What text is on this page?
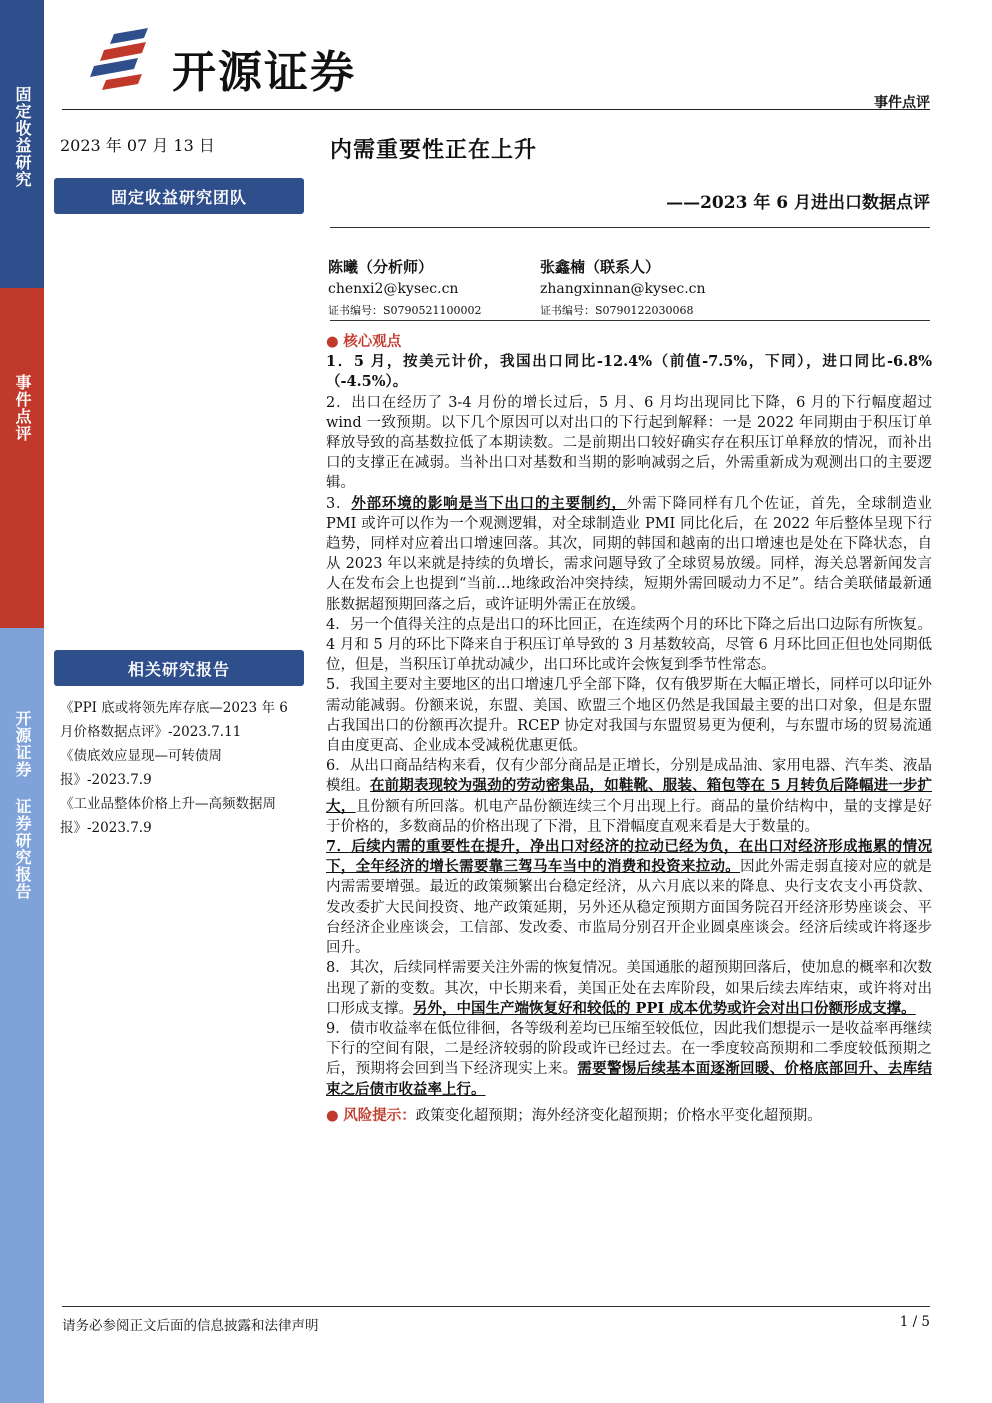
固定收益研究
事件点评
开源证券 证券研究报告
开源证券
事件点评
2023 年 07 月 13 日
固定收益研究团队
相关研究报告

《PPI 底或将领先库存底—2023 年 6 月价格数据点评》-2023.7.11

《债底效应显现—可转债周报》-2023.7.9

《工业品整体价格上升—高频数据周报》-2023.7.9

内需重要性正在上升
——2023 年 6 月进出口数据点评
陈曦（分析师）
chenxi2@kysec.cn
证书编号：S0790521100002
张鑫楠（联系人）
zhangxinnan@kysec.cn
证书编号：S0790122030068

● 核心观点

1．5 月，按美元计价，我国出口同比-12.4%（前值-7.5%，下同），进口同比-6.8%（-4.5%）。

2．出口在经历了 3-4 月份的增长过后，5 月、6 月均出现同比下降，6 月的下行幅度超过 wind 一致预期。以下几个原因可以对出口的下行起到解释：一是 2022 年同期由于积压订单释放导致的高基数拉低了本期读数。二是前期出口较好确实存在积压订单释放的情况，而补出口的支撑正在减弱。当补出口对基数和当期的影响减弱之后，外需重新成为观测出口的主要逻辑。

3．外部环境的影响是当下出口的主要制约，外需下降同样有几个佐证，首先，全球制造业 PMI 或许可以作为一个观测逻辑，对全球制造业 PMI 同比化后，在 2022 年后整体呈现下行趋势，同样对应着出口增速回落。其次，同期的韩国和越南的出口增速也是处在下降状态，自从 2023 年以来就是持续的负增长，需求问题导致了全球贸易放缓。同样，海关总署新闻发言人在发布会上也提到“当前…地缘政治冲突持续，短期外需回暖动力不足”。结合美联储最新通胀数据超预期回落之后，或许证明外需正在放缓。

4．另一个值得关注的点是出口的环比回正，在连续两个月的环比下降之后出口边际有所恢复。4 月和 5 月的环比下降来自于积压订单导致的 3 月基数较高，尽管 6 月环比回正但也处同期低位，但是，当积压订单扰动减少，出口环比或许会恢复到季节性常态。

5．我国主要对主要地区的出口增速几乎全部下降，仅有俄罗斯在大幅正增长，同样可以印证外需动能减弱。份额来说，东盟、美国、欧盟三个地区仍然是我国最主要的出口对象，但是东盟占我国出口的份额再次提升。RCEP 协定对我国与东盟贸易更为便利，与东盟市场的贸易流通自由度更高、企业成本受减税优惠更低。

6．从出口商品结构来看，仅有少部分商品是正增长，分别是成品油、家用电器、汽车类、液晶模组。在前期表现较为强劲的劳动密集品，如鞋靴、服装、箱包等在 5 月转负后降幅进一步扩大，且份额有所回落。机电产品份额连续三个月出现上行。商品的量价结构中，量的支撑是好于价格的，多数商品的价格出现了下滑，且下滑幅度直观来看是大于数量的。

7．后续内需的重要性在提升，净出口对经济的拉动已经为负，在出口对经济形成拖累的情况下，全年经济的增长需要靠三驾马车当中的消费和投资来拉动。因此外需走弱直接对应的就是内需需要增强。最近的政策频繁出台稳定经济，从六月底以来的降息、央行支农支小再贷款、发改委扩大民间投资、地产政策延期，另外还从稳定预期方面国务院召开经济形势座谈会、平台经济企业座谈会，工信部、发改委、市监局分别召开企业圆桌座谈会。经济后续或许将逐步回升。

8．其次，后续同样需要关注外需的恢复情况。美国通胀的超预期回落后，使加息的概率和次数出现了新的变数。其次，中长期来看，美国正处在去库阶段，如果后续去库结束，或许将对出口形成支撑。另外，中国生产端恢复好和较低的 PPI 成本优势或许会对出口份额形成支撑。

9．债市收益率在低位徘徊，各等级利差均已压缩至较低位，因此我们想提示一是收益率再继续下行的空间有限，二是经济较弱的阶段或许已经过去。在一季度较高预期和二季度较低预期之后，预期将会回到当下经济现实上来。需要警惕后续基本面逐渐回暖、价格底部回升、去库结束之后债市收益率上行。

● 风险提示：政策变化超预期；海外经济变化超预期；价格水平变化超预期。

请务必参阅正文后面的信息披露和法律声明	1 / 5
